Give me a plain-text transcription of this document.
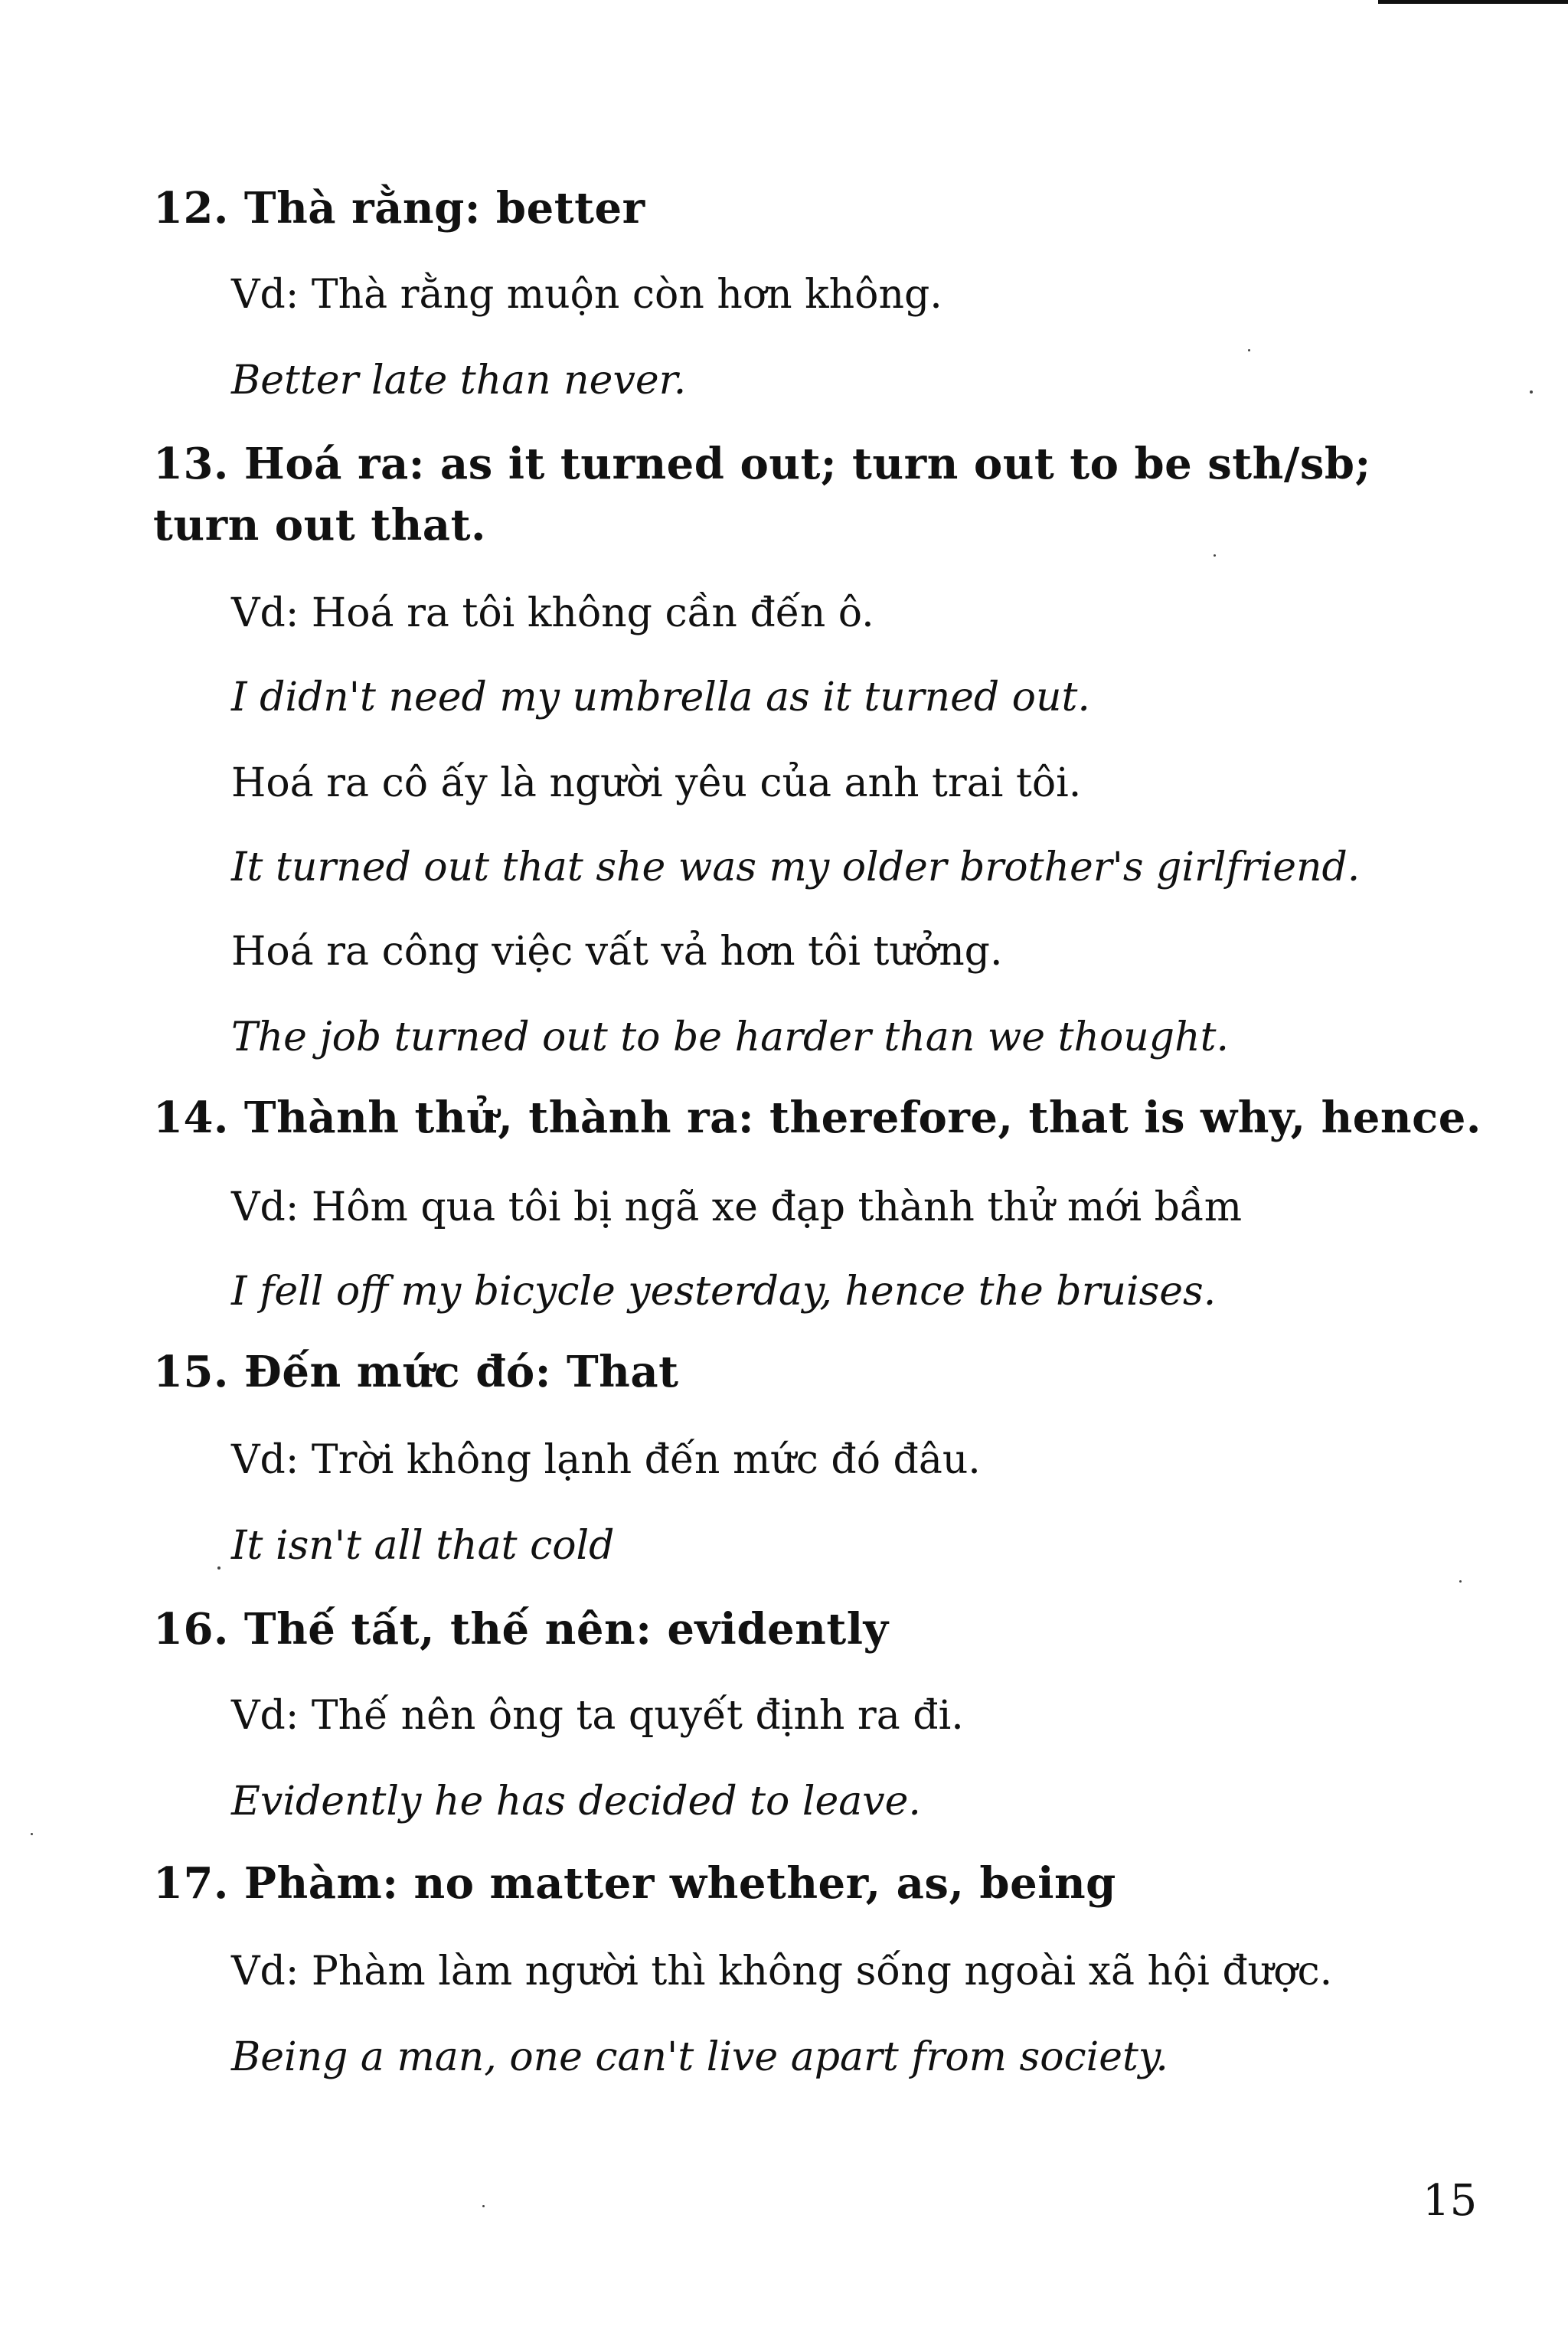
12. Thà rằng: better
Vd: Thà rằng muộn còn hơn không.
Better late than never.
13. Hoá ra: as it turned out; turn out to be sth/sb; turn out that.
Vd: Hoá ra tôi không cần đến ô.
I didn't need my umbrella as it turned out.
Hoá ra cô ấy là người yêu của anh trai tôi.
It turned out that she was my older brother's girlfriend.
Hoá ra công việc vất vả hơn tôi tưởng.
The job turned out to be harder than we thought.
14. Thành thử, thành ra: therefore, that is why, hence.
Vd: Hôm qua tôi bị ngã xe đạp thành thử mới bầm
I fell off my bicycle yesterday, hence the bruises.
15. Đến mức đó: That
Vd: Trời không lạnh đến mức đó đâu.
It isn't all that cold
16. Thế tất, thế nên: evidently
Vd: Thế nên ông ta quyết định ra đi.
Evidently he has decided to leave.
17. Phàm: no matter whether, as, being
Vd: Phàm làm người thì không sống ngoài xã hội được.
Being a man, one can't live apart from society.
15
